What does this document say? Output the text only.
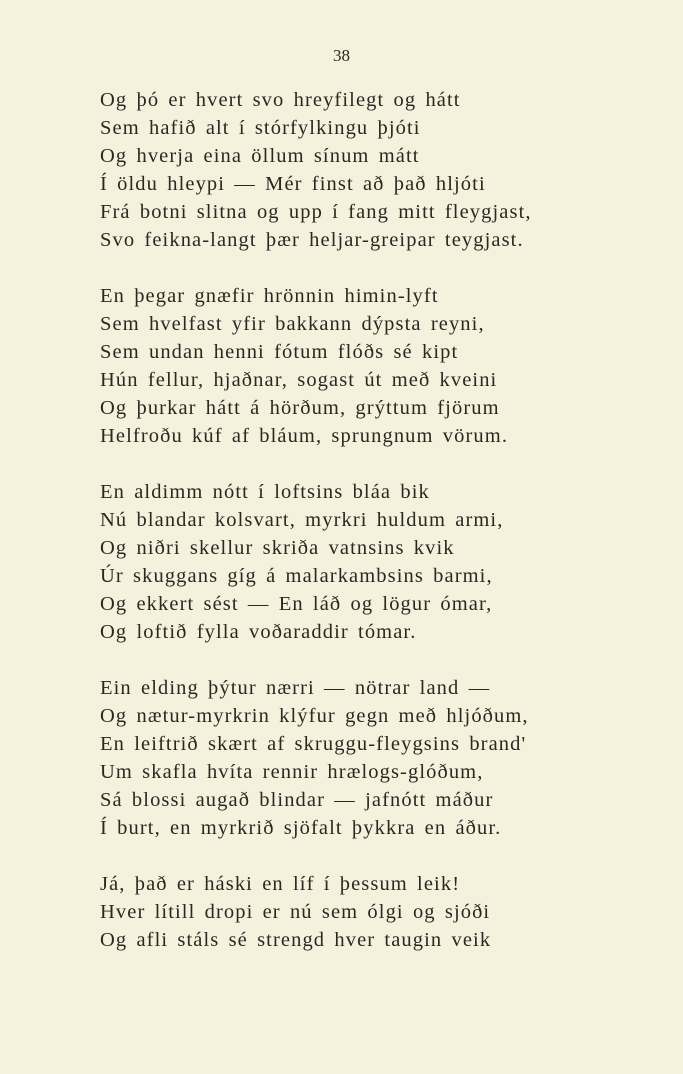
38
Og þó er hvert svo hreyfilegt og hátt
Sem hafið alt í stórfylkingu þjóti
Og hverja eina öllum sínum mátt
Í öldu hleypi — Mér finst að það hljóti
Frá botni slitna og upp í fang mitt fleygjast,
Svo feikna-langt þær heljar-greipar teygjast.
En þegar gnæfir hrönnin himin-lyft
Sem hvelfast yfir bakkann dýpsta reyni,
Sem undan henni fótum flóðs sé kipt
Hún fellur, hjaðnar, sogast út með kveini
Og þurkar hátt á hörðum, grýttum fjörum
Helfroðu kúf af bláum, sprungnum vörum.
En aldimm nótt í loftsins bláa bik
Nú blandar kolsvart, myrkri huldum armi,
Og niðri skellur skriða vatnsins kvik
Úr skuggans gíg á malarkambsins barmi,
Og ekkert sést — En láð og lögur ómar,
Og loftið fylla voðaraddir tómar.
Ein elding þýtur nærri — nötrar land —
Og nætur-myrkrin klýfur gegn með hljóðum,
En leiftrið skært af skruggu-fleygsins brand'
Um skafla hvíta rennir hrælogs-glóðum,
Sá blossi augað blindar — jafnótt máður
Í burt, en myrkrið sjöfalt þykkra en áður.
Já, það er háski en líf í þessum leik!
Hver lítill dropi er nú sem ólgi og sjóði
Og afli stáls sé strengd hver taugin veik
